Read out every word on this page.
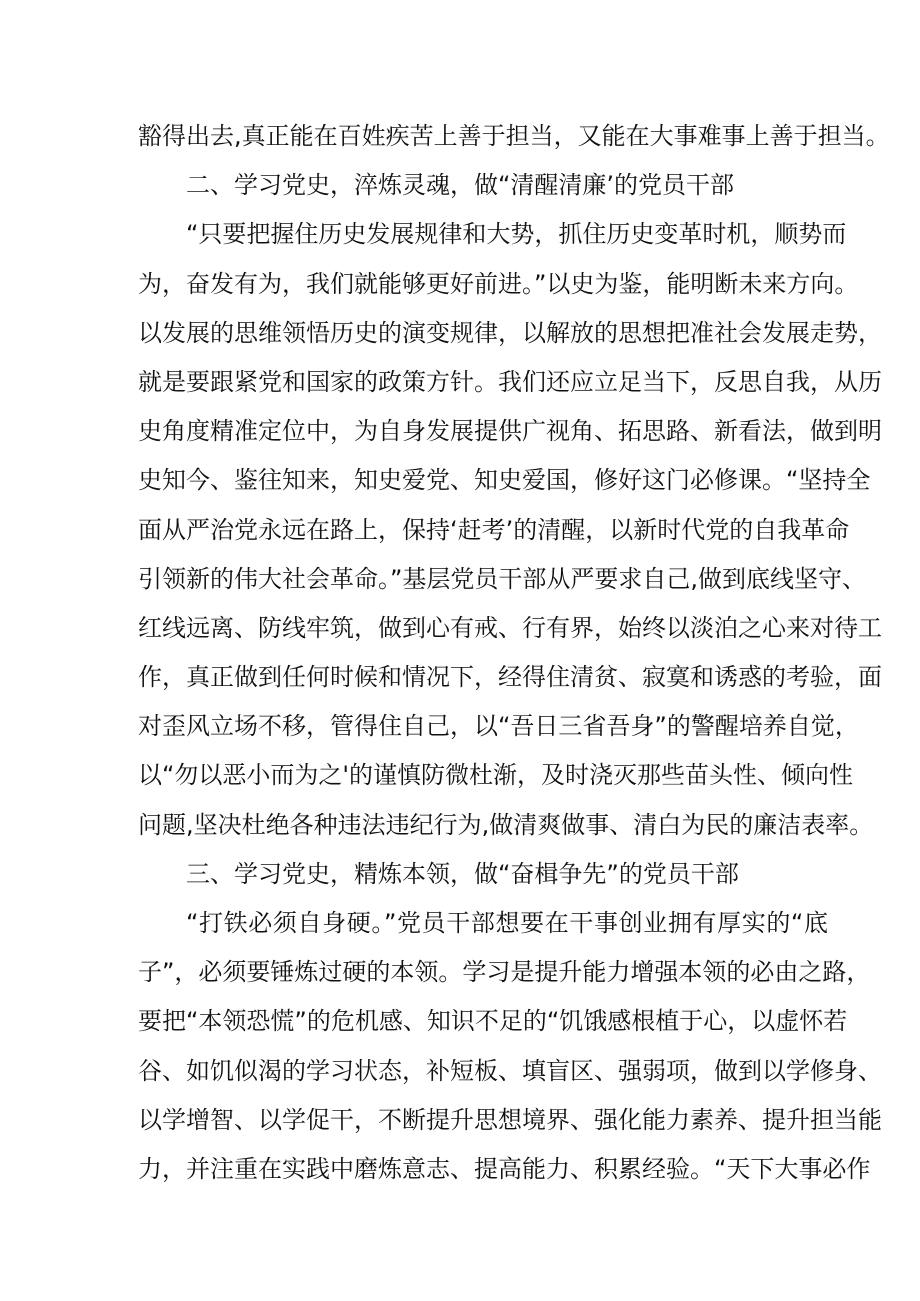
豁得出去,真正能在百姓疾苦上善于担当，又能在大事难事上善于担当。
二、学习党史，淬炼灵魂，做“清醒清廉’的党员干部
“只要把握住历史发展规律和大势，抓住历史变革时机，顺势而
为，奋发有为，我们就能够更好前进。”以史为鉴，能明断未来方向。
以发展的思维领悟历史的演变规律，以解放的思想把准社会发展走势，
就是要跟紧党和国家的政策方针。我们还应立足当下，反思自我，从历
史角度精准定位中，为自身发展提供广视角、拓思路、新看法，做到明
史知今、鉴往知来，知史爱党、知史爱国，修好这门必修课。“坚持全
面从严治党永远在路上，保持‘赶考’的清醒，以新时代党的自我革命
引领新的伟大社会革命。”基层党员干部从严要求自己,做到底线坚守、
红线远离、防线牢筑，做到心有戒、行有界，始终以淡泊之心来对待工
作，真正做到任何时候和情况下，经得住清贫、寂寞和诱惑的考验，面
对歪风立场不移，管得住自己，以“吾日三省吾身”的警醒培养自觉，
以“勿以恶小而为之'的谨慎防微杜渐，及时浇灭那些苗头性、倾向性
问题,坚决杜绝各种违法违纪行为,做清爽做事、清白为民的廉洁表率。
三、学习党史，精炼本领，做“奋楫争先”的党员干部
“打铁必须自身硬。”党员干部想要在干事创业拥有厚实的“底
子”，必须要锤炼过硬的本领。学习是提升能力增强本领的必由之路，
要把“本领恐慌”的危机感、知识不足的“饥饿感根植于心，以虚怀若
谷、如饥似渴的学习状态，补短板、填盲区、强弱项，做到以学修身、
以学增智、以学促干，不断提升思想境界、强化能力素养、提升担当能
力，并注重在实践中磨炼意志、提高能力、积累经验。“天下大事必作
